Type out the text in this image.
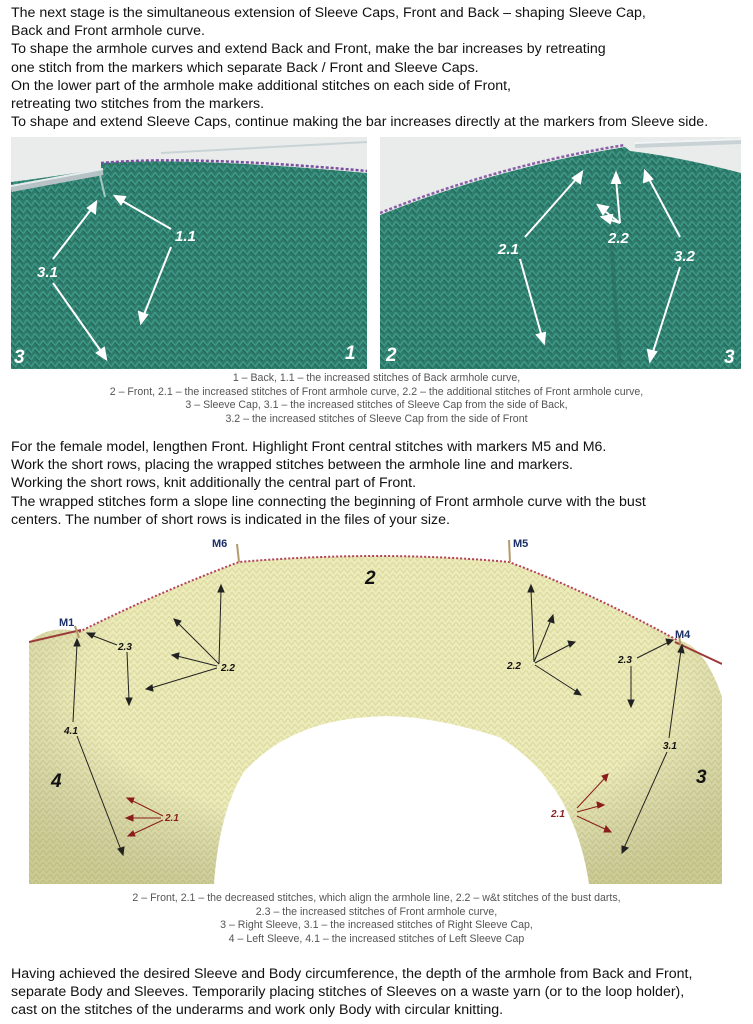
The next stage is the simultaneous extension of Sleeve Caps, Front and Back – shaping Sleeve Cap,
Back and Front armhole curve.
To shape the armhole curves and extend Back and Front, make the bar increases by retreating
one stitch from the markers which separate Back / Front and Sleeve Caps.
On the lower part of the armhole make additional stitches on each side of Front,
retreating two stitches from the markers.
To shape and extend Sleeve Caps, continue making the bar increases directly at the markers from Sleeve side.
1.1
3.1
3	1
2.1
2.2
3.2
2	3
1 – Back, 1.1 – the increased stitches of Back armhole curve,
2 – Front, 2.1 – the increased stitches of Front armhole curve, 2.2 – the additional stitches of Front armhole curve,
3 – Sleeve Cap, 3.1 – the increased stitches of Sleeve Cap from the side of Back,
3.2 – the increased stitches of Sleeve Cap from the side of Front
For the female model, lengthen Front. Highlight Front central stitches with markers M5 and M6.
Work the short rows, placing the wrapped stitches between the armhole line and markers.
Working the short rows, knit additionally the central part of Front.
The wrapped stitches form a slope line connecting the beginning of Front armhole curve with the bust
centers. The number of short rows is indicated in the files of your size.
M6	M5
M1
M4
2
4	3
2.3
2.3
2.2	2.2
4.1
3.1
2.1	2.1
2 – Front, 2.1 – the decreased stitches, which align the armhole line, 2.2 – w&t stitches of the bust darts,
2.3 – the increased stitches of Front armhole curve,
3 – Right Sleeve, 3.1 – the increased stitches of Right Sleeve Cap,
4 – Left Sleeve, 4.1 – the increased stitches of Left Sleeve Cap
Having achieved the desired Sleeve and Body circumference, the depth of the armhole from Back and Front,
separate Body and Sleeves. Temporarily placing stitches of Sleeves on a waste yarn (or to the loop holder),
cast on the stitches of the underarms and work only Body with circular knitting.
